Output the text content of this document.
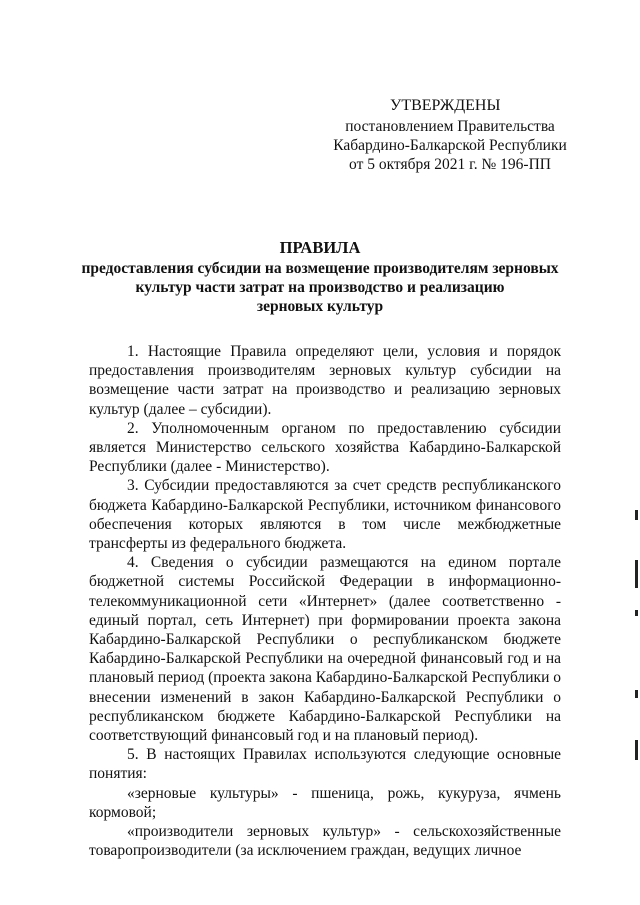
УТВЕРЖДЕНЫ
постановлением Правительства
Кабардино-Балкарской Республики
от 5 октября 2021 г. № 196-ПП
ПРАВИЛА
предоставления субсидии на возмещение производителям зерновых
культур части затрат на производство и реализацию
зерновых культур

1. Настоящие Правила определяют цели, условия и порядок предоставления производителям зерновых культур субсидии на возмещение части затрат на производство и реализацию зерновых культур (далее – субсидии).

2. Уполномоченным органом по предоставлению субсидии является Министерство сельского хозяйства Кабардино-Балкарской Республики (далее - Министерство).

3. Субсидии предоставляются за счет средств республиканского бюджета Кабардино-Балкарской Республики, источником финансового обеспечения которых являются в том числе межбюджетные трансферты из федерального бюджета.

4. Сведения о субсидии размещаются на едином портале бюджетной системы Российской Федерации в информационно-телекоммуникационной сети «Интернет» (далее соответственно - единый портал, сеть Интернет) при формировании проекта закона Кабардино-Балкарской Республики о республиканском бюджете Кабардино-Балкарской Республики на очередной финансовый год и на плановый период (проекта закона Кабардино-Балкарской Республики о внесении изменений в закон Кабардино-Балкарской Республики о республиканском бюджете Кабардино-Балкарской Республики на соответствующий финансовый год и на плановый период).

5. В настоящих Правилах используются следующие основные понятия:

«зерновые культуры» - пшеница, рожь, кукуруза, ячмень кормовой;

«производители зерновых культур» - сельскохозяйственные товаропроизводители (за исключением граждан, ведущих личное
